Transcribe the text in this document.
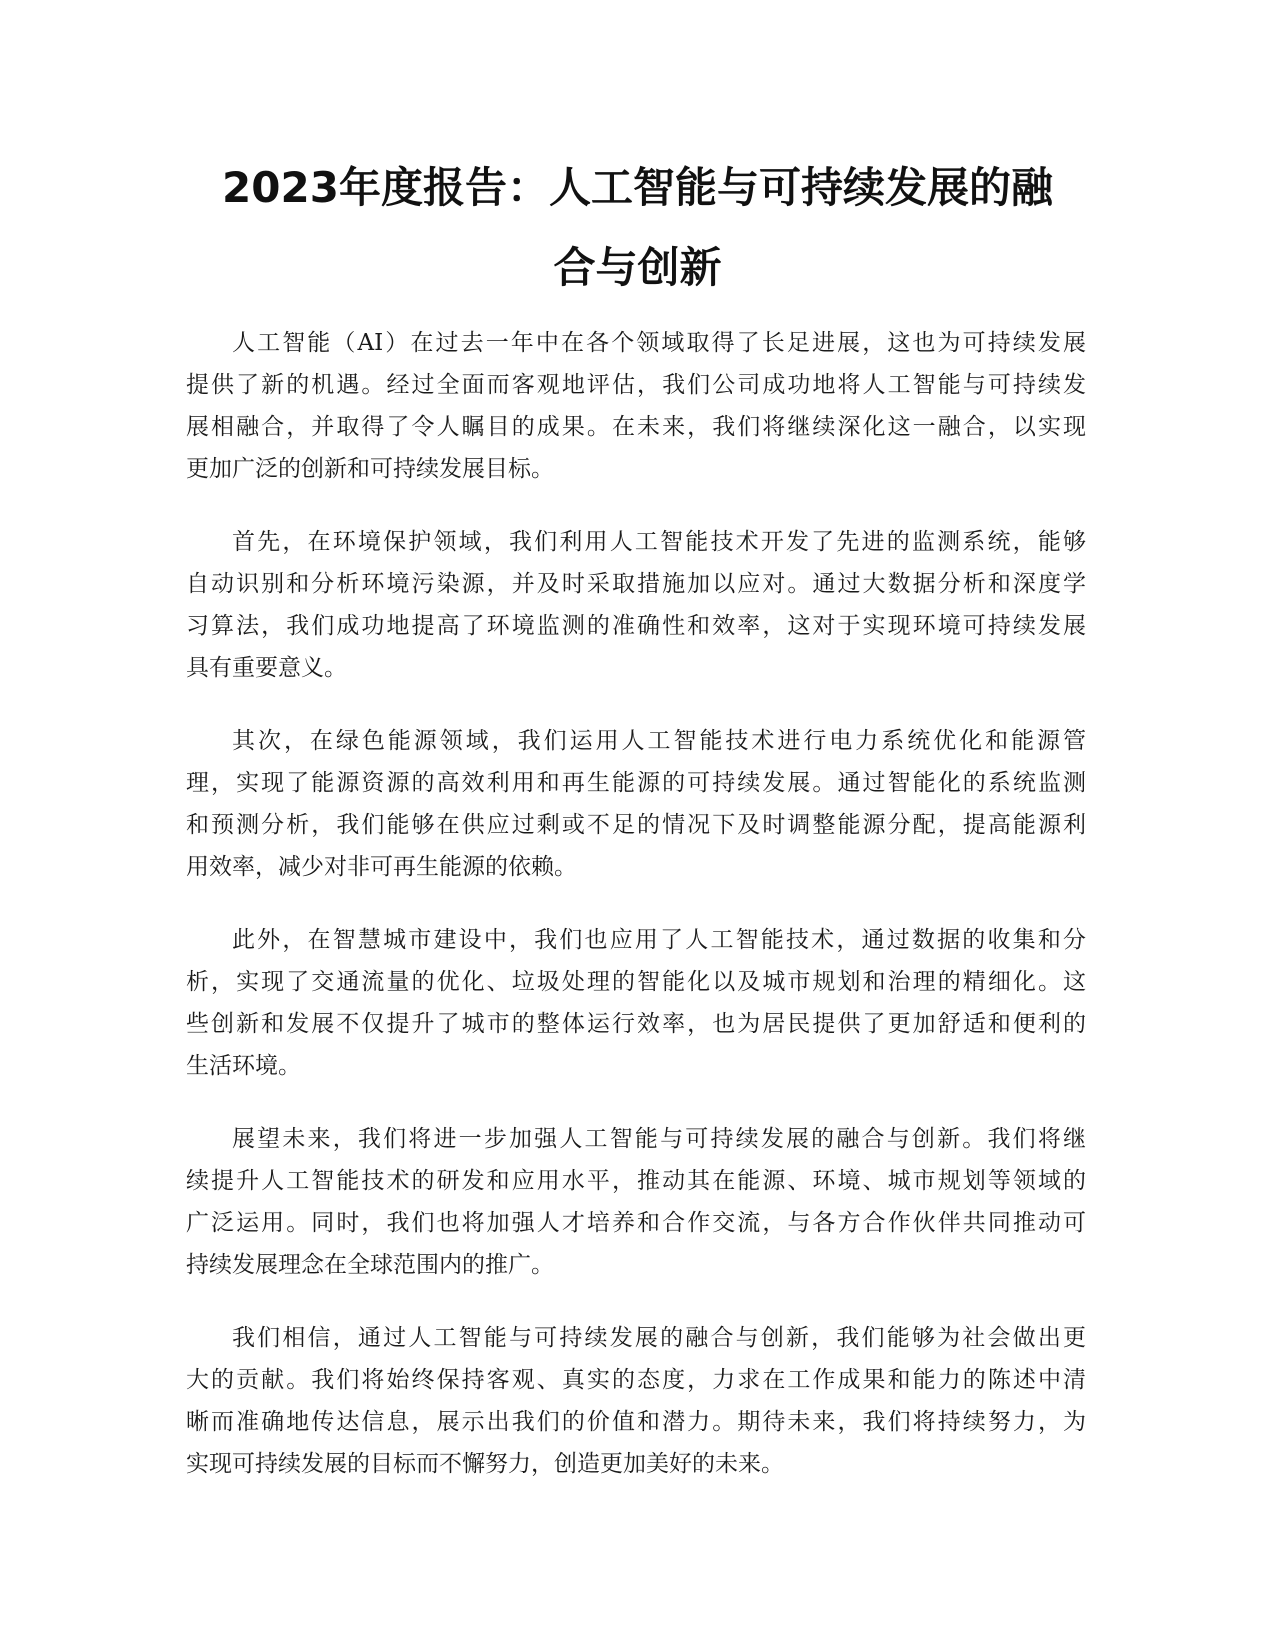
2023年度报告：人工智能与可持续发展的融
合与创新

人工智能（AI）在过去一年中在各个领域取得了长足进展，这也为可持续发展
提供了新的机遇。经过全面而客观地评估，我们公司成功地将人工智能与可持续发
展相融合，并取得了令人瞩目的成果。在未来，我们将继续深化这一融合，以实现
更加广泛的创新和可持续发展目标。

首先，在环境保护领域，我们利用人工智能技术开发了先进的监测系统，能够
自动识别和分析环境污染源，并及时采取措施加以应对。通过大数据分析和深度学
习算法，我们成功地提高了环境监测的准确性和效率，这对于实现环境可持续发展
具有重要意义。

其次，在绿色能源领域，我们运用人工智能技术进行电力系统优化和能源管
理，实现了能源资源的高效利用和再生能源的可持续发展。通过智能化的系统监测
和预测分析，我们能够在供应过剩或不足的情况下及时调整能源分配，提高能源利
用效率，减少对非可再生能源的依赖。

此外，在智慧城市建设中，我们也应用了人工智能技术，通过数据的收集和分
析，实现了交通流量的优化、垃圾处理的智能化以及城市规划和治理的精细化。这
些创新和发展不仅提升了城市的整体运行效率，也为居民提供了更加舒适和便利的
生活环境。

展望未来，我们将进一步加强人工智能与可持续发展的融合与创新。我们将继
续提升人工智能技术的研发和应用水平，推动其在能源、环境、城市规划等领域的
广泛运用。同时，我们也将加强人才培养和合作交流，与各方合作伙伴共同推动可
持续发展理念在全球范围内的推广。

我们相信，通过人工智能与可持续发展的融合与创新，我们能够为社会做出更
大的贡献。我们将始终保持客观、真实的态度，力求在工作成果和能力的陈述中清
晰而准确地传达信息，展示出我们的价值和潜力。期待未来，我们将持续努力，为
实现可持续发展的目标而不懈努力，创造更加美好的未来。
